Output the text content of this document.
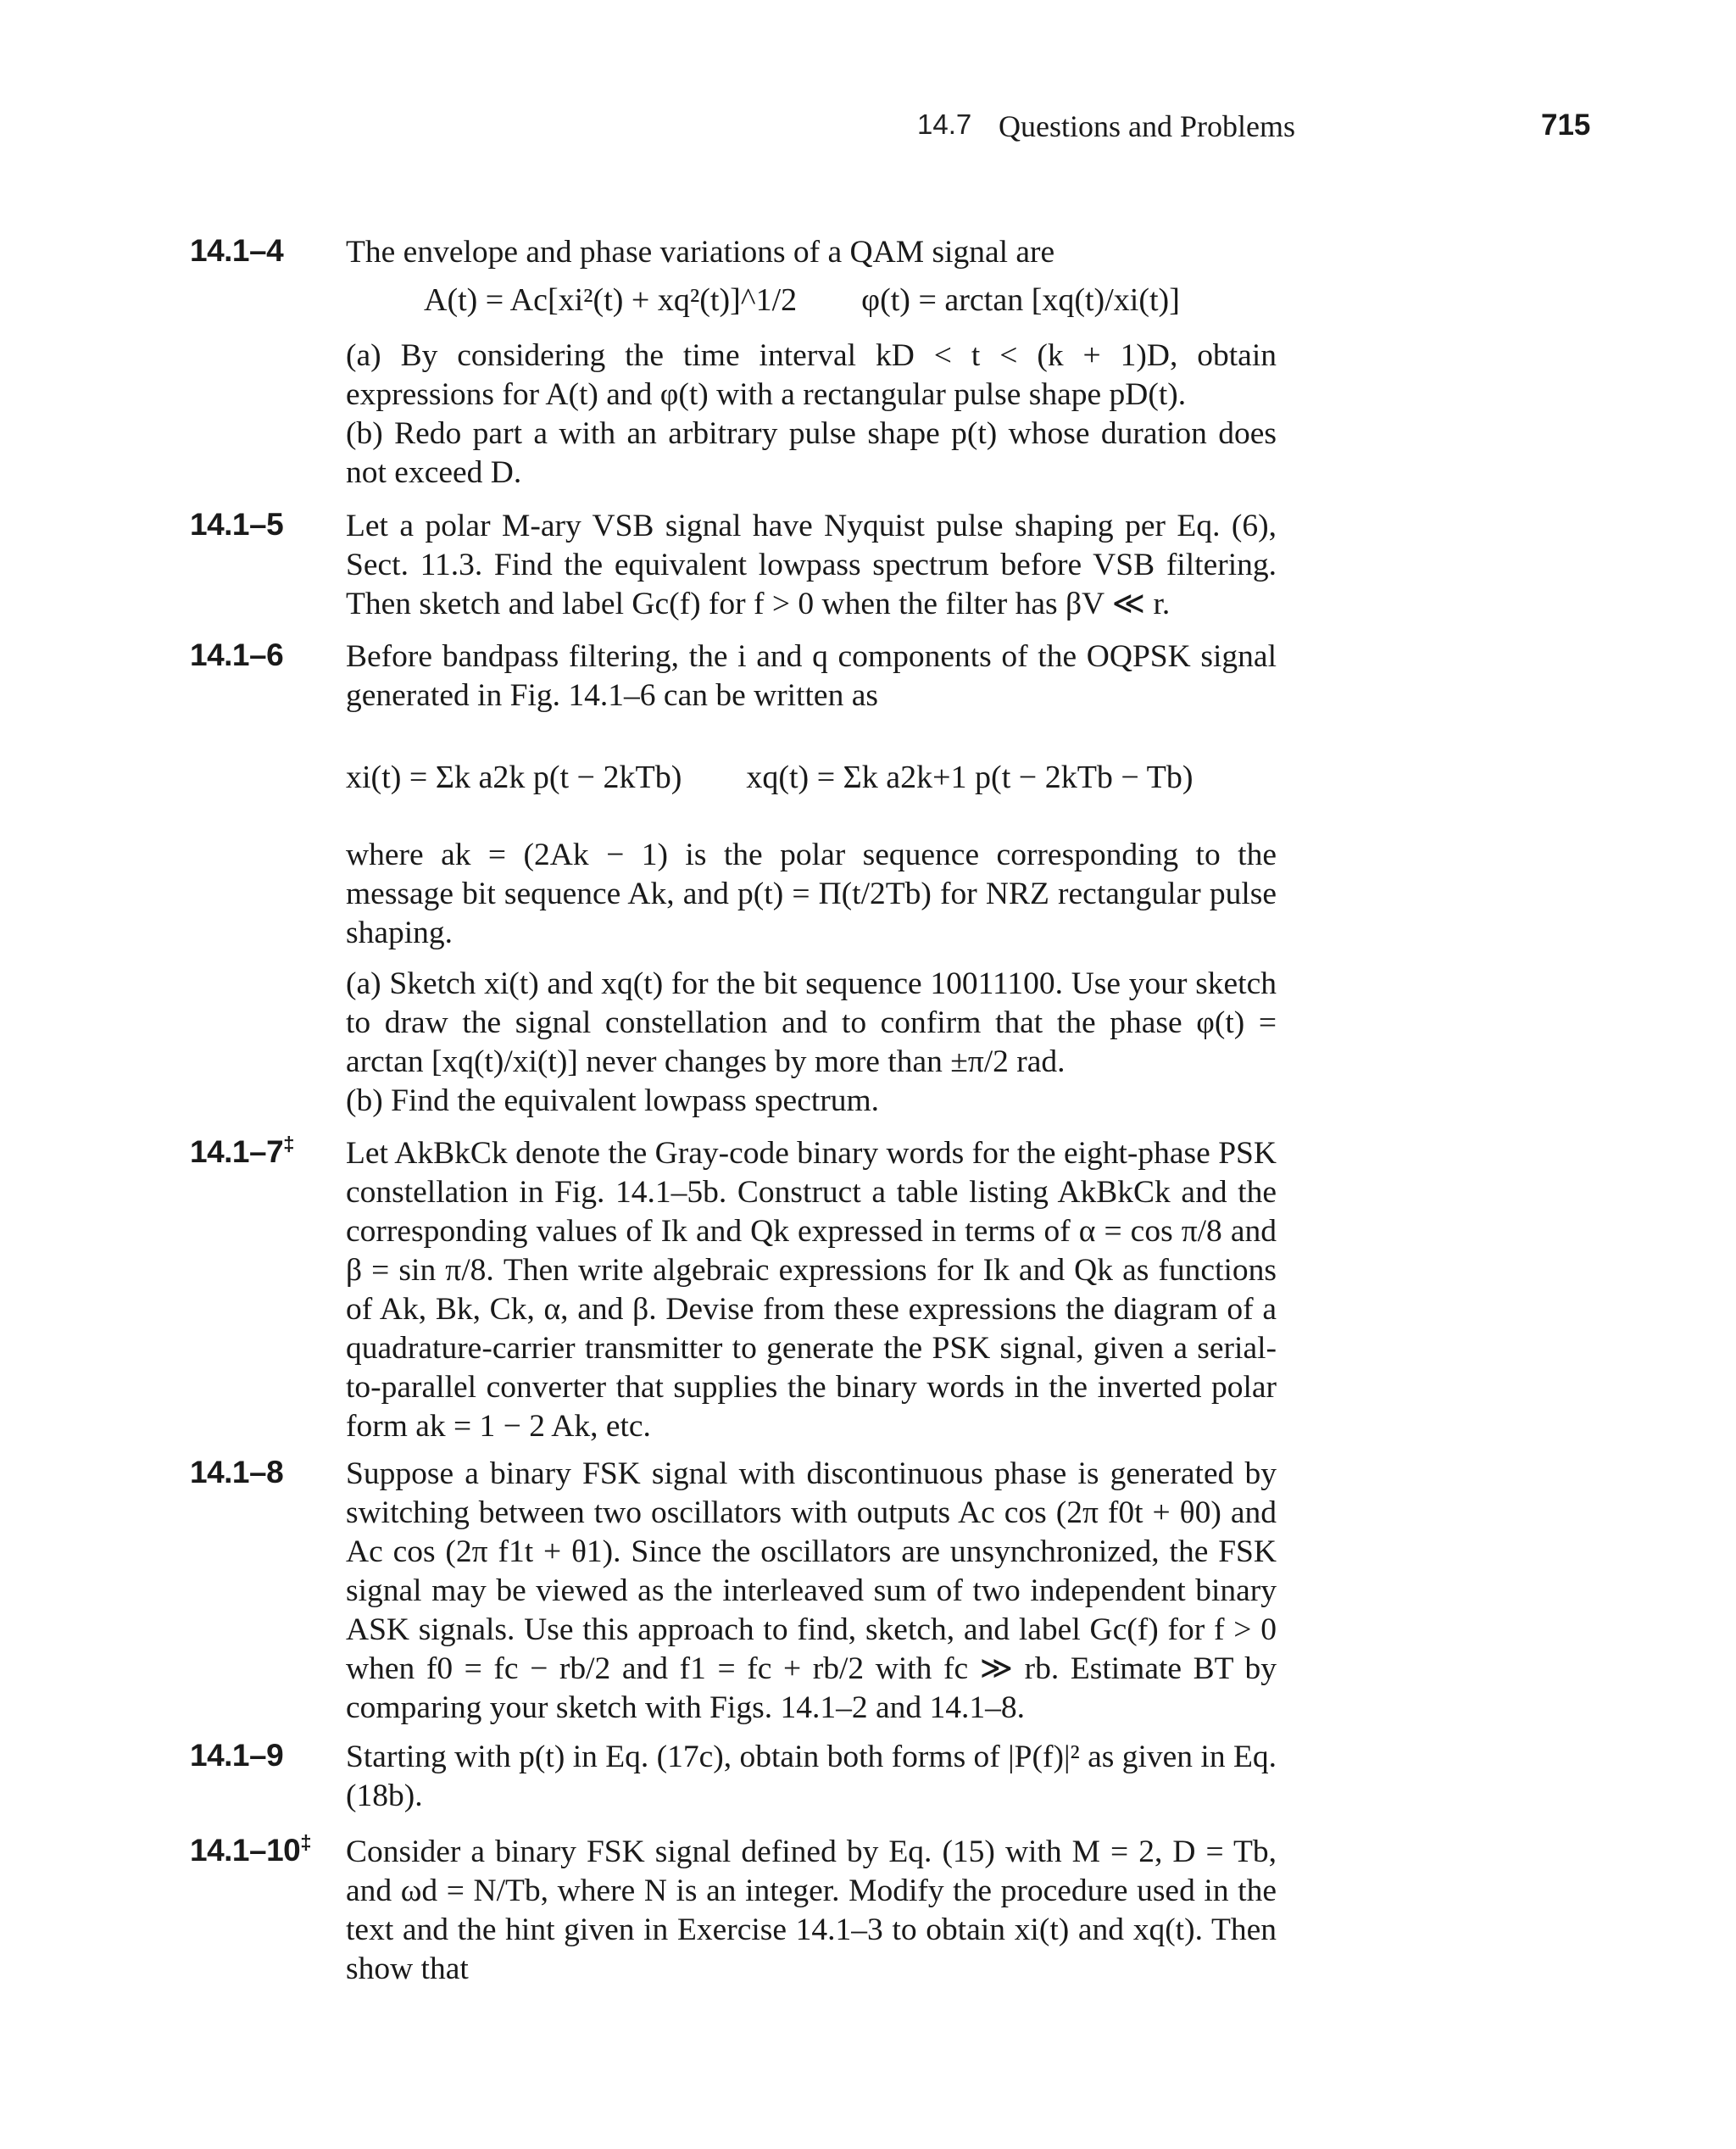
14.7 Questions and Problems	715
14.1–4 The envelope and phase variations of a QAM signal are

A(t) = Ac[xi²(t) + xq²(t)]^1/2        φ(t) = arctan [xq(t)/xi(t)]

(a) By considering the time interval kD < t < (k + 1)D, obtain expressions for A(t) and φ(t) with a rectangular pulse shape pD(t).

(b) Redo part a with an arbitrary pulse shape p(t) whose duration does not exceed D.

14.1–5 Let a polar M-ary VSB signal have Nyquist pulse shaping per Eq. (6), Sect. 11.3. Find the equivalent lowpass spectrum before VSB filtering. Then sketch and label Gc(f) for f > 0 when the filter has βV ≪ r.

14.1–6 Before bandpass filtering, the i and q components of the OQPSK signal generated in Fig. 14.1–6 can be written as

xi(t) = Σk a2k p(t − 2kTb)        xq(t) = Σk a2k+1 p(t − 2kTb − Tb)

where ak = (2Ak − 1) is the polar sequence corresponding to the message bit sequence Ak, and p(t) = Π(t/2Tb) for NRZ rectangular pulse shaping.

(a) Sketch xi(t) and xq(t) for the bit sequence 10011100. Use your sketch to draw the signal constellation and to confirm that the phase φ(t) = arctan [xq(t)/xi(t)] never changes by more than ±π/2 rad.

(b) Find the equivalent lowpass spectrum.

14.1–7‡ Let AkBkCk denote the Gray-code binary words for the eight-phase PSK constellation in Fig. 14.1–5b. Construct a table listing AkBkCk and the corresponding values of Ik and Qk expressed in terms of α = cos π/8 and β = sin π/8. Then write algebraic expressions for Ik and Qk as functions of Ak, Bk, Ck, α, and β. Devise from these expressions the diagram of a quadrature-carrier transmitter to generate the PSK signal, given a serial-to-parallel converter that supplies the binary words in the inverted polar form ak = 1 − 2 Ak, etc.

14.1–8 Suppose a binary FSK signal with discontinuous phase is generated by switching between two oscillators with outputs Ac cos (2π f0t + θ0) and Ac cos (2π f1t + θ1). Since the oscillators are unsynchronized, the FSK signal may be viewed as the interleaved sum of two independent binary ASK signals. Use this approach to find, sketch, and label Gc(f) for f > 0 when f0 = fc − rb/2 and f1 = fc + rb/2 with fc ≫ rb. Estimate BT by comparing your sketch with Figs. 14.1–2 and 14.1–8.

14.1–9 Starting with p(t) in Eq. (17c), obtain both forms of |P(f)|² as given in Eq. (18b).

14.1–10‡ Consider a binary FSK signal defined by Eq. (15) with M = 2, D = Tb, and ωd = N/Tb, where N is an integer. Modify the procedure used in the text and the hint given in Exercise 14.1–3 to obtain xi(t) and xq(t). Then show that
